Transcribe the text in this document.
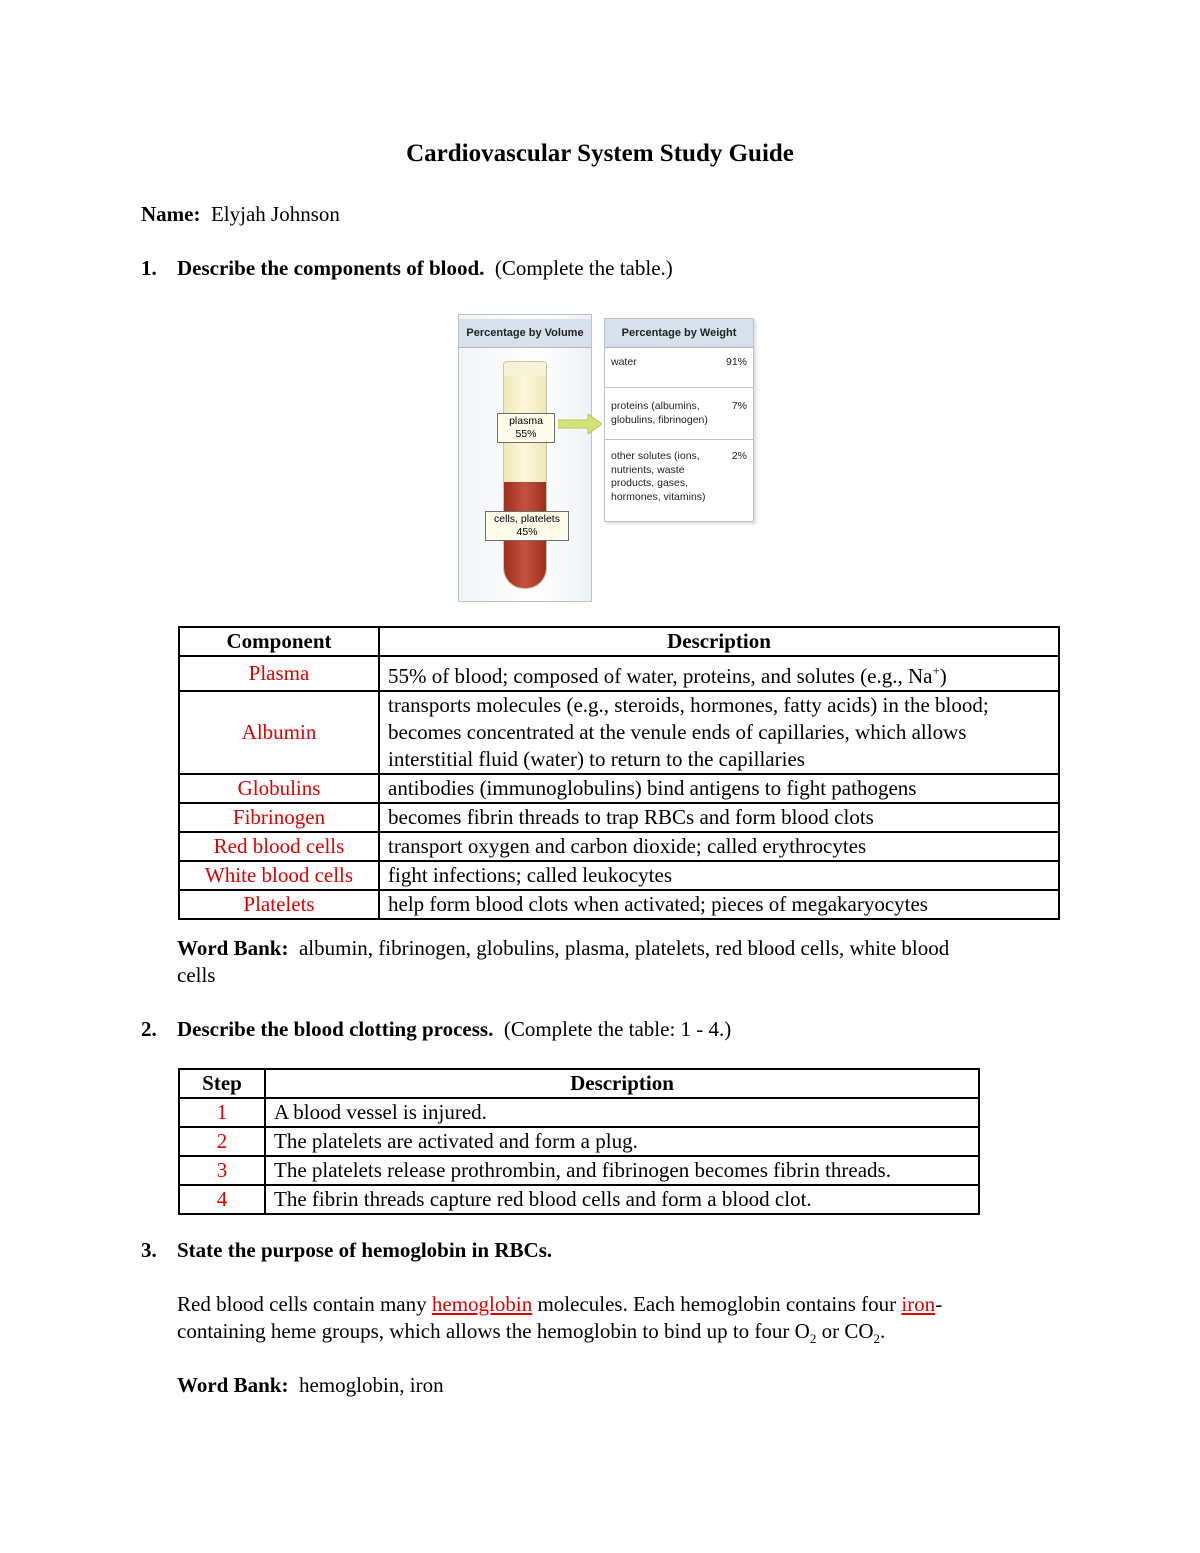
Cardiovascular System Study Guide
Name: Elyjah Johnson
1. Describe the components of blood. (Complete the table.)
Percentage by Volume
plasma
55%
cells, platelets
45%
Percentage by Weight
water	91%
proteins (albumins, globulins, fibrinogen)
7%
other solutes (ions, nutrients, waste products, gases, hormones, vitamins)
2%
Component	Description
Plasma	55% of blood; composed of water, proteins, and solutes (e.g., Na+)
Albumin	transports molecules (e.g., steroids, hormones, fatty acids) in the blood; becomes concentrated at the venule ends of capillaries, which allows interstitial fluid (water) to return to the capillaries
Globulins	antibodies (immunoglobulins) bind antigens to fight pathogens
Fibrinogen	becomes fibrin threads to trap RBCs and form blood clots
Red blood cells	transport oxygen and carbon dioxide; called erythrocytes
White blood cells	fight infections; called leukocytes
Platelets	help form blood clots when activated; pieces of megakaryocytes
Word Bank: albumin, fibrinogen, globulins, plasma, platelets, red blood cells, white blood
cells
2. Describe the blood clotting process. (Complete the table: 1 - 4.)
Step	Description
1	A blood vessel is injured.
2	The platelets are activated and form a plug.
3	The platelets release prothrombin, and fibrinogen becomes fibrin threads.
4	The fibrin threads capture red blood cells and form a blood clot.
3. State the purpose of hemoglobin in RBCs.
Red blood cells contain many hemoglobin molecules. Each hemoglobin contains four iron-
containing heme groups, which allows the hemoglobin to bind up to four $O_2$ or $CO_2$.
Word Bank: hemoglobin, iron
